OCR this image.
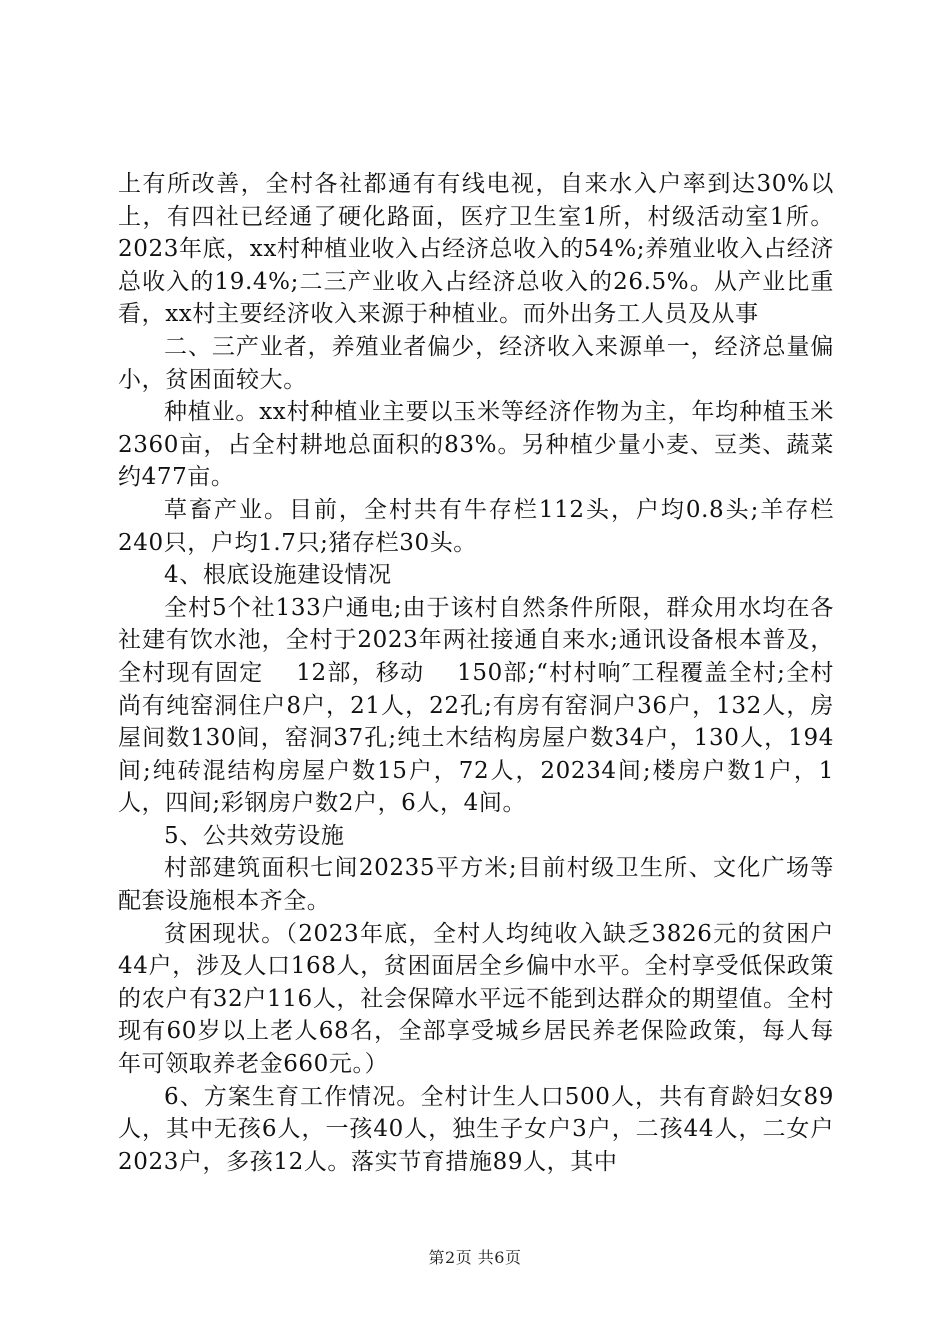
上有所改善，全村各社都通有有线电视，自来水入户率到达30%以上，有四社已经通了硬化路面，医疗卫生室1所，村级活动室1所。2023年底，xx村种植业收入占经济总收入的54%;养殖业收入占经济总收入的19.4%;二三产业收入占经济总收入的26.5%。从产业比重看，xx村主要经济收入来源于种植业。而外出务工人员及从事

二、三产业者，养殖业者偏少，经济收入来源单一，经济总量偏小，贫困面较大。

种植业。xx村种植业主要以玉米等经济作物为主，年均种植玉米2360亩，占全村耕地总面积的83%。另种植少量小麦、豆类、蔬菜约477亩。

草畜产业。目前，全村共有牛存栏112头，户均0.8头;羊存栏240只，户均1.7只;猪存栏30头。

4、根底设施建设情况

全村5个社133户通电;由于该村自然条件所限，群众用水均在各社建有饮水池，全村于2023年两社接通自来水;通讯设备根本普及，全村现有固定　 12部，移动　 150部;“村村响″工程覆盖全村;全村尚有纯窑洞住户8户，21人，22孔;有房有窑洞户36户，132人，房屋间数130间，窑洞37孔;纯土木结构房屋户数34户，130人，194间;纯砖混结构房屋户数15户，72人，20234间;楼房户数1户，1人，四间;彩钢房户数2户，6人，4间。

5、公共效劳设施

村部建筑面积七间20235平方米;目前村级卫生所、文化广场等配套设施根本齐全。

贫困现状。（2023年底，全村人均纯收入缺乏3826元的贫困户44户，涉及人口168人，贫困面居全乡偏中水平。全村享受低保政策的农户有32户116人，社会保障水平远不能到达群众的期望值。全村现有60岁以上老人68名，全部享受城乡居民养老保险政策，每人每年可领取养老金660元。）

6、方案生育工作情况。全村计生人口500人，共有育龄妇女89人，其中无孩6人，一孩40人，独生子女户3户，二孩44人，二女户2023户，多孩12人。落实节育措施89人，其中

第2页 共6页
